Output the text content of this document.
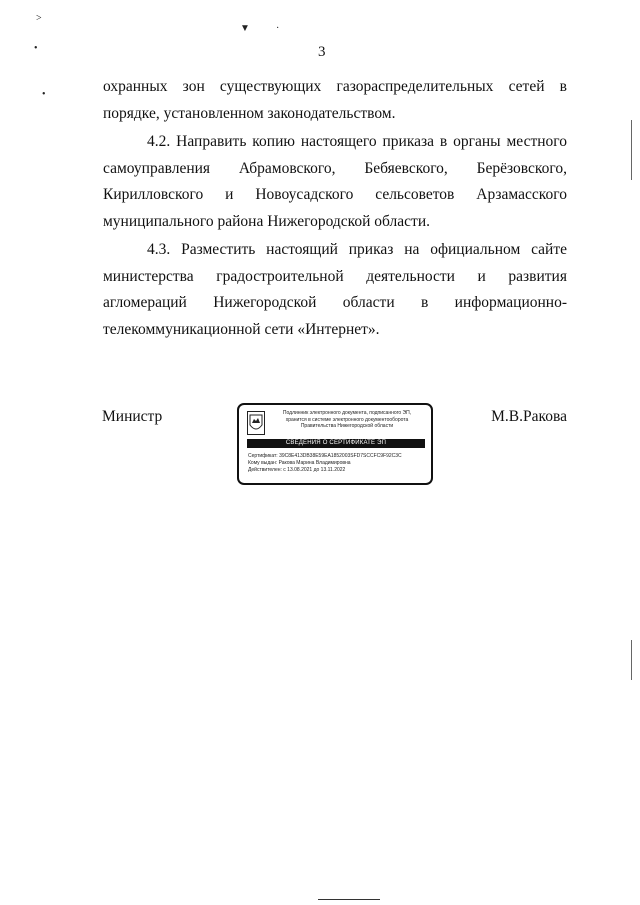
˃
•
•
▼	·
3

охранных зон существующих газораспределительных сетей в порядке, установленном законодательством.

4.2. Направить копию настоящего приказа в органы местного самоуправления Абрамовского, Бебяевского, Берёзовского, Кирилловского и Новоусадского сельсоветов Арзамасского муниципального района Нижегородской области.

4.3. Разместить настоящий приказ на официальном сайте министерства градостроительной деятельности и развития агломераций Нижегородской области в информационно-телекоммуникационной сети «Интернет».

Министр	М.В.Ракова
Подлинник электронного документа, подписанного ЭП,
хранится в системе электронного документооборота
Правительства Нижегородской области
СВЕДЕНИЯ О СЕРТИФИКАТЕ ЭП
Сертификат: 39C8E413DB38E59EA1852003SFD7SCCFC9F92C3C
Кому выдан: Ракова Марина Владимировна
Действителен: с 13.08.2021 до 13.11.2022
